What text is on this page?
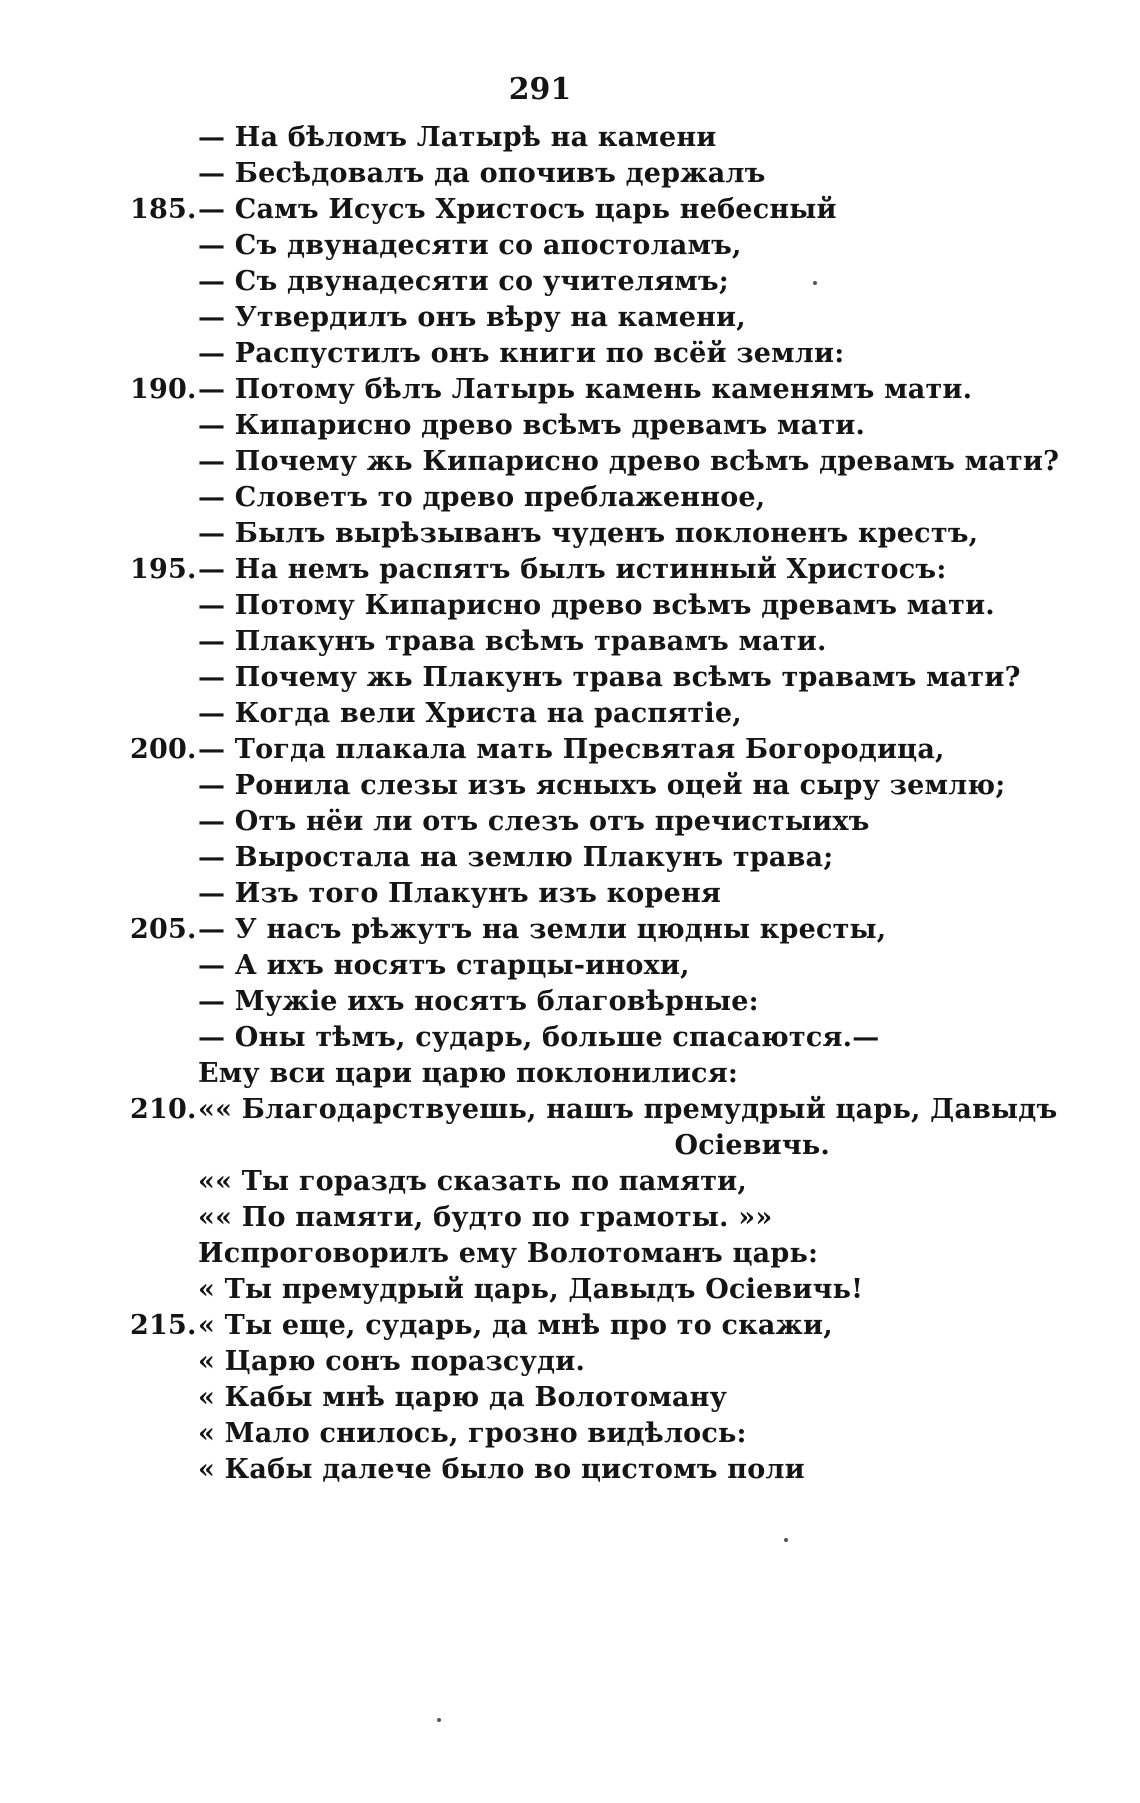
291
— На бѣломъ Латырѣ на камени
— Бесѣдовалъ да опочивъ держалъ
185. — Самъ Исусъ Христосъ царь небесный
— Съ двунадесяти со апостоламъ,
— Съ двунадесяти со учителямъ;
— Утвердилъ онъ вѣру на камени,
— Распустилъ онъ книги по всёй земли:
190. — Потому бѣлъ Латырь камень каменямъ мати.
— Кипарисно древо всѣмъ древамъ мати.
— Почему жь Кипарисно древо всѣмъ древамъ мати?
— Словетъ то древо преблаженное,
— Былъ вырѣзыванъ чуденъ поклоненъ крестъ,
195. — На немъ распятъ былъ истинный Христосъ:
— Потому Кипарисно древо всѣмъ древамъ мати.
— Плакунъ трава всѣмъ травамъ мати.
— Почему жь Плакунъ трава всѣмъ травамъ мати?
— Когда вели Христа на распятіе,
200. — Тогда плакала мать Пресвятая Богородица,
— Ронила слезы изъ ясныхъ оцей на сыру землю;
— Отъ нёи ли отъ слезъ отъ пречистыихъ
— Выростала на землю Плакунъ трава;
— Изъ того Плакунъ изъ кореня
205. — У насъ рѣжутъ на земли цюдны кресты,
— А ихъ носятъ старцы-инохи,
— Мужіе ихъ носятъ благовѣрные:
— Оны тѣмъ, сударь, больше спасаются.—
Ему вси цари царю поклонилися:
210. «« Благодарствуешь, нашъ премудрый царь, Давыдъ
Осіевичь.
«« Ты гораздъ сказать по памяти,
«« По памяти, будто по грамоты. »»
Испроговорилъ ему Волотоманъ царь:
« Ты премудрый царь, Давыдъ Осіевичь!
215. « Ты еще, сударь, да мнѣ про то скажи,
« Царю сонъ поразсуди.
« Кабы мнѣ царю да Волотоману
« Мало снилось, грозно видѣлось:
« Кабы далече было во цистомъ поли
